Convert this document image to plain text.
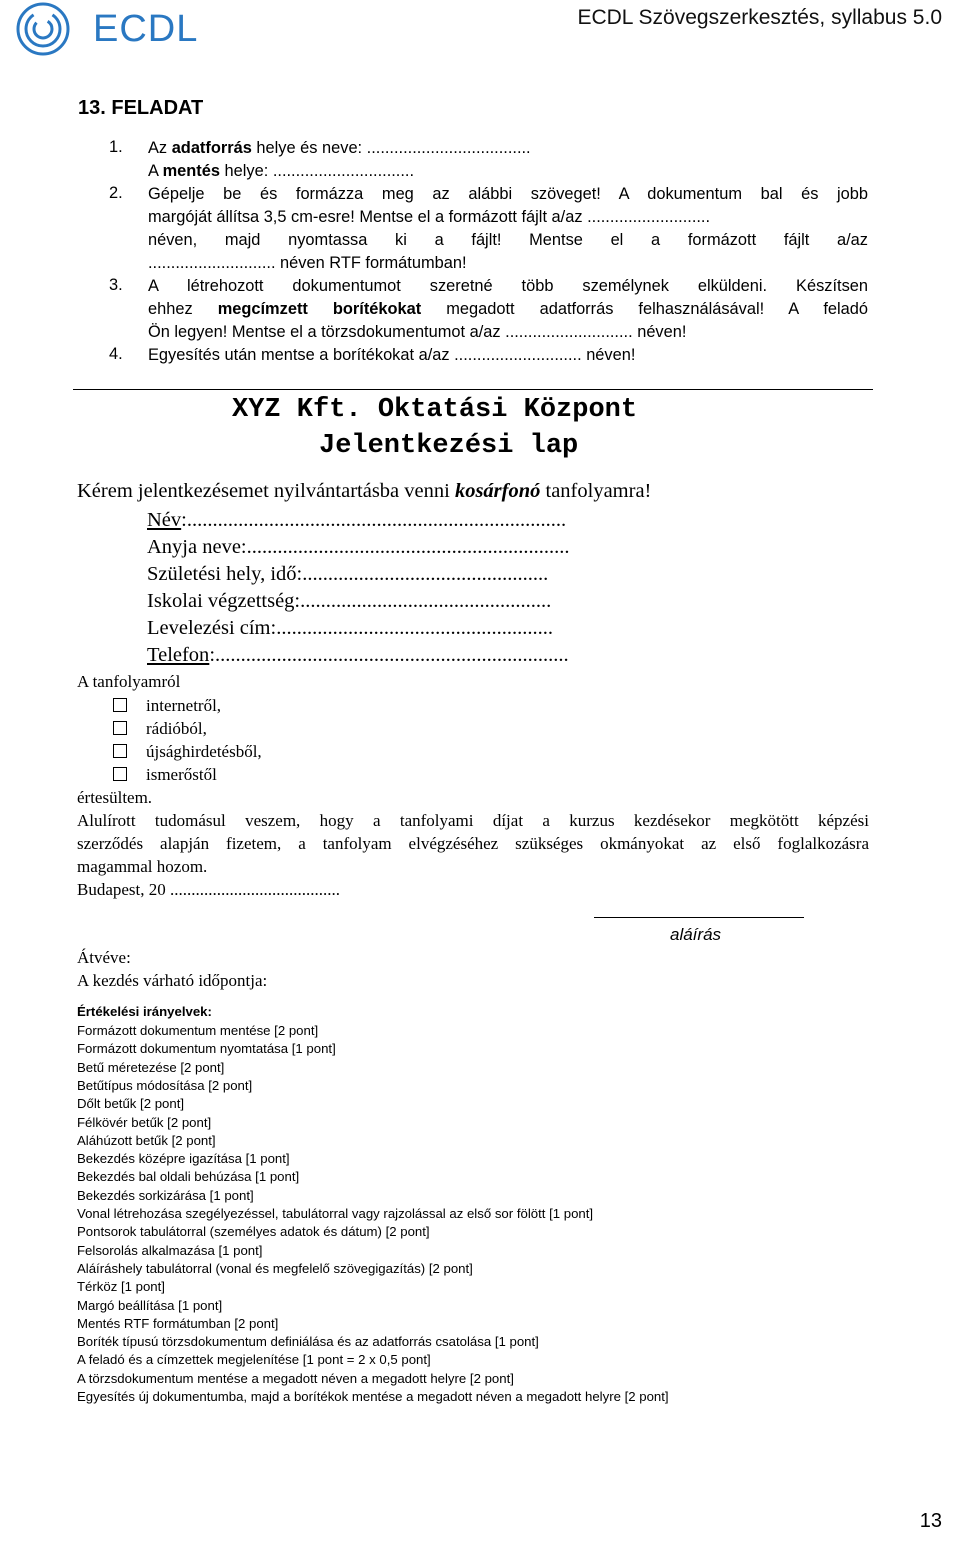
ECDL	ECDL Szövegszerkesztés, syllabus 5.0
13. FELADAT
1. Az adatforrás helye és neve: ....................................
A mentés helye: ...............................
2. Gépelje be és formázza meg az alábbi szöveget! A dokumentum bal és jobb
margóját állítsa 3,5 cm-esre! Mentse el a formázott fájlt a/az ...........................
néven, majd nyomtassa ki a fájlt! Mentse el a formázott fájlt a/az
............................ néven RTF formátumban!
3. A létrehozott dokumentumot szeretné több személynek elküldeni. Készítsen
ehhez megcímzett borítékokat megadott adatforrás felhasználásával! A feladó
Ön legyen! Mentse el a törzsdokumentumot a/az ............................ néven!
4. Egyesítés után mentse a borítékokat a/az ............................ néven!
XYZ Kft. Oktatási Központ
Jelentkezési lap
Kérem jelentkezésemet nyilvántartásba venni kosárfonó tanfolyamra!
Név:..........................................................................
Anyja neve:...............................................................
Születési hely, idő:................................................
Iskolai végzettség:.................................................
Levelezési cím:......................................................
Telefon:.....................................................................
A tanfolyamról
internetről,
rádióból,
újsághirdetésből,
ismerőstől
értesültem.
Alulírott tudomásul veszem, hogy a tanfolyami díjat a kurzus kezdésekor megkötött képzési
szerződés alapján fizetem, a tanfolyam elvégzéséhez szükséges okmányokat az első foglalkozásra
magammal hozom.
Budapest, 20 ........................................
aláírás
Átvéve:
A kezdés várható időpontja:
Értékelési irányelvek:
Formázott dokumentum mentése [2 pont]
Formázott dokumentum nyomtatása [1 pont]
Betű méretezése [2 pont]
Betűtípus módosítása [2 pont]
Dőlt betűk [2 pont]
Félkövér betűk [2 pont]
Aláhúzott betűk [2 pont]
Bekezdés középre igazítása [1 pont]
Bekezdés bal oldali behúzása [1 pont]
Bekezdés sorkizárása [1 pont]
Vonal létrehozása szegélyezéssel, tabulátorral vagy rajzolással az első sor fölött [1 pont]
Pontsorok tabulátorral (személyes adatok és dátum) [2 pont]
Felsorolás alkalmazása [1 pont]
Aláíráshely tabulátorral (vonal és megfelelő szövegigazítás) [2 pont]
Térköz [1 pont]
Margó beállítása [1 pont]
Mentés RTF formátumban [2 pont]
Boríték típusú törzsdokumentum definiálása és az adatforrás csatolása [1 pont]
A feladó és a címzettek megjelenítése [1 pont = 2 x 0,5 pont]
A törzsdokumentum mentése a megadott néven a megadott helyre [2 pont]
Egyesítés új dokumentumba, majd a borítékok mentése a megadott néven a megadott helyre [2 pont]
13
